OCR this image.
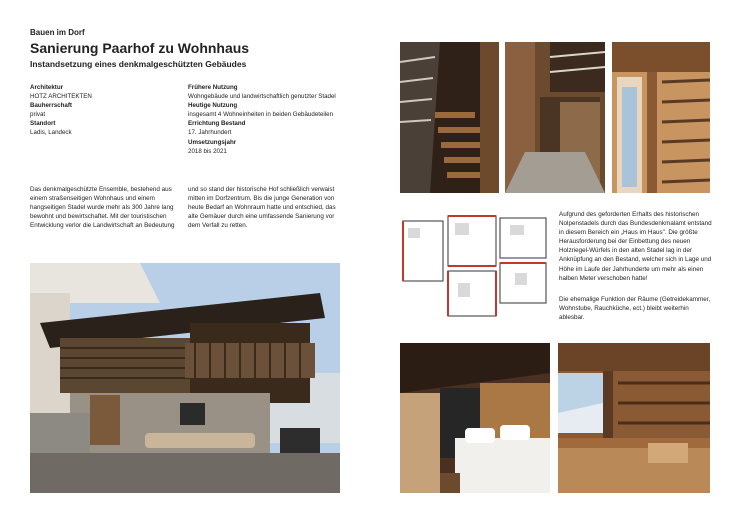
Bauen im Dorf
Sanierung Paarhof zu Wohnhaus
Instandsetzung eines denkmalgeschützten Gebäudes
Architektur
HOTZ ARCHITEKTEN
Bauherrschaft
privat
Standort
Ladis, Landeck
Frühere Nutzung
Wohngebäude und landwirtschaftlich genutzter Stadel
Heutige Nutzung
insgesamt 4 Wohneinheiten in beiden Gebäudeteilen
Errichtung Bestand
17. Jahrhundert
Umsetzungsjahr
2018 bis 2021
Das denkmalgeschützte Ensemble, bestehend aus einem straßenseitigen Wohnhaus und einem hangseitigen Stadel wurde mehr als 300 Jahre lang bewohnt und bewirtschaftet. Mit der touristischen Entwicklung verlor die Landwirtschaft an Bedeutung
und so stand der historische Hof schließlich verwaist mitten im Dorfzentrum. Bis die junge Generation von heute Bedarf an Wohnraum hatte und entschied, das alte Gemäuer durch eine umfassende Sanierung vor dem Verfall zu retten.
Aufgrund des geforderten Erhalts des historischen Nolpenstadels durch das Bundesdenkmalamt entstand in diesem Bereich ein „Haus im Haus". Die größte Herausforderung bei der Einbettung des neuen Holzriegel-Würfels in den alten Stadel lag in der Anknüpfung an den Bestand, welcher sich in Lage und Höhe im Laufe der Jahrhunderte um mehr als einen halben Meter verschoben hatte!
Die ehemalige Funktion der Räume (Getreidekammer, Wohnstube, Rauchküche, ect.) bleibt weiterhin ablesbar.
